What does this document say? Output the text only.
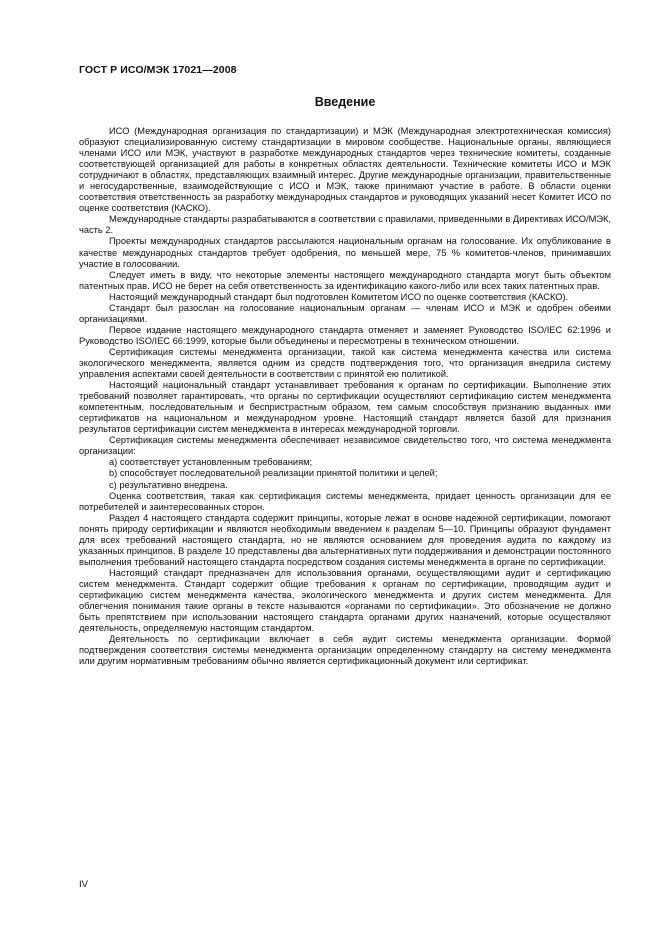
ГОСТ Р ИСО/МЭК 17021—2008
Введение

ИСО (Международная организация по стандартизации) и МЭК (Международная электротехническая комиссия) образуют специализированную систему стандартизации в мировом сообществе. Национальные органы, являющиеся членами ИСО или МЭК, участвуют в разработке международных стандартов через технические комитеты, созданные соответствующей организацией для работы в конкретных областях деятельности. Технические комитеты ИСО и МЭК сотрудничают в областях, представляющих взаимный интерес. Другие международные организации, правительственные и негосударственные, взаимодействующие с ИСО и МЭК, также принимают участие в работе. В области оценки соответствия ответственность за разработку международных стандартов и руководящих указаний несет Комитет ИСО по оценке соответствия (КАСКО).

Международные стандарты разрабатываются в соответствии с правилами, приведенными в Директивах ИСО/МЭК, часть 2.

Проекты международных стандартов рассылаются национальным органам на голосование. Их опубликование в качестве международных стандартов требует одобрения, по меньшей мере, 75 % комитетов-членов, принимавших участие в голосовании.

Следует иметь в виду, что некоторые элементы настоящего международного стандарта могут быть объектом патентных прав. ИСО не берет на себя ответственность за идентификацию какого-либо или всех таких патентных прав.

Настоящий международный стандарт был подготовлен Комитетом ИСО по оценке соответствия (КАСКО).

Стандарт был разослан на голосование национальным органам — членам ИСО и МЭК и одобрен обеими организациями.

Первое издание настоящего международного стандарта отменяет и заменяет Руководство ISO/IEC 62:1996 и Руководство ISO/IEC 66:1999, которые были объединены и пересмотрены в техническом отношении.

Сертификация системы менеджмента организации, такой как система менеджмента качества или система экологического менеджмента, является одним из средств подтверждения того, что организация внедрила систему управления аспектами своей деятельности в соответствии с принятой ею политикой.

Настоящий национальный стандарт устанавливает требования к органам по сертификации. Выполнение этих требований позволяет гарантировать, что органы по сертификации осуществляют сертификацию систем менеджмента компетентным, последовательным и беспристрастным образом, тем самым способствуя признанию выданных ими сертификатов на национальном и международном уровне. Настоящий стандарт является базой для признания результатов сертификации систем менеджмента в интересах международной торговли.

Сертификация системы менеджмента обеспечивает независимое свидетельство того, что система менеджмента организации:

a) соответствует установленным требованиям;

b) способствует последовательной реализации принятой политики и целей;

c) результативно внедрена.

Оценка соответствия, такая как сертификация системы менеджмента, придает ценность организации для ее потребителей и заинтересованных сторон.

Раздел 4 настоящего стандарта содержит принципы, которые лежат в основе надежной сертификации, помогают понять природу сертификации и являются необходимым введением к разделам 5—10. Принципы образуют фундамент для всех требований настоящего стандарта, но не являются основанием для проведения аудита по каждому из указанных принципов. В разделе 10 представлены два альтернативных пути поддерживания и демонстрации постоянного выполнения требований настоящего стандарта посредством создания системы менеджмента в органе по сертификации.

Настоящий стандарт предназначен для использования органами, осуществляющими аудит и сертификацию систем менеджмента. Стандарт содержит общие требования к органам по сертификации, проводящим аудит и сертификацию систем менеджмента качества, экологического менеджмента и других систем менеджмента. Для облегчения понимания такие органы в тексте называются «органами по сертификации». Это обозначение не должно быть препятствием при использовании настоящего стандарта органами других назначений, которые осуществляют деятельность, определяемую настоящим стандартом.

Деятельность по сертификации включает в себя аудит системы менеджмента организации. Формой подтверждения соответствия системы менеджмента организации определенному стандарту на систему менеджмента или другим нормативным требованиям обычно является сертификационный документ или сертификат.

IV
